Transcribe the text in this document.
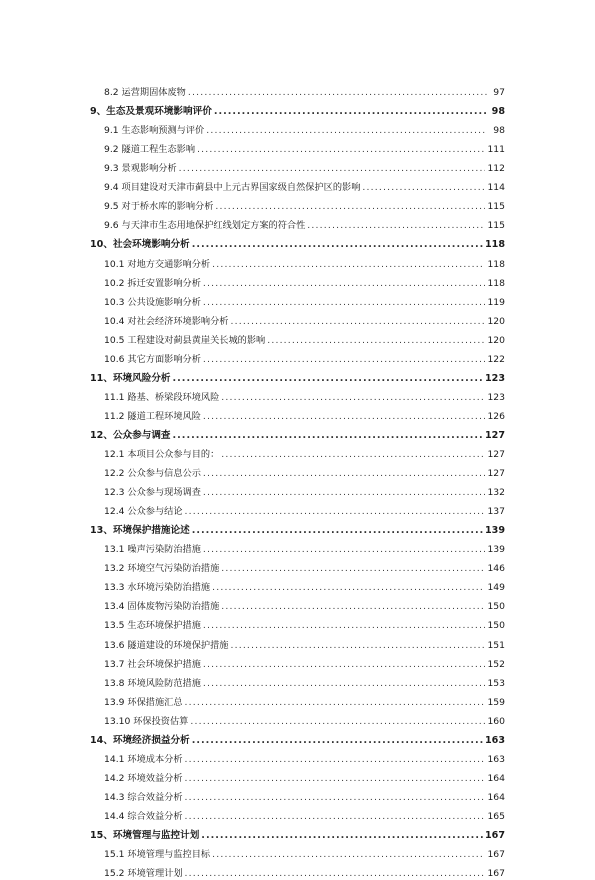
8.2 运营期固体废物 .....	97
9、生态及景观环境影响评价 .....	98
9.1 生态影响预测与评价 .....	98
9.2 隧道工程生态影响 .....	111
9.3 景观影响分析 .....	112
9.4 项目建设对天津市蓟县中上元古界国家级自然保护区的影响 .....	114
9.5 对于桥水库的影响分析 .....	115
9.6 与天津市生态用地保护红线划定方案的符合性 .....	115
10、社会环境影响分析 .....	118
10.1 对地方交通影响分析 .....	118
10.2 拆迁安置影响分析 .....	118
10.3 公共设施影响分析 .....	119
10.4 对社会经济环境影响分析 .....	120
10.5 工程建设对蓟县黄崖关长城的影响 .....	120
10.6 其它方面影响分析 .....	122
11、环境风险分析 .....	123
11.1 路基、桥梁段环境风险 .....	123
11.2 隧道工程环境风险 .....	126
12、公众参与调查 .....	127
12.1 本项目公众参与目的： .....	127
12.2 公众参与信息公示 .....	127
12.3 公众参与现场调查 .....	132
12.4 公众参与结论 .....	137
13、环境保护措施论述 .....	139
13.1 噪声污染防治措施 .....	139
13.2 环境空气污染防治措施 .....	146
13.3 水环境污染防治措施 .....	149
13.4 固体废物污染防治措施 .....	150
13.5 生态环境保护措施 .....	150
13.6 隧道建设的环境保护措施 .....	151
13.7 社会环境保护措施 .....	152
13.8 环境风险防范措施 .....	153
13.9 环保措施汇总 .....	159
13.10 环保投资估算 .....	160
14、环境经济损益分析 .....	163
14.1 环境成本分析 .....	163
14.2 环境效益分析 .....	164
14.3 综合效益分析 .....	164
14.4 综合效益分析 .....	165
15、环境管理与监控计划 .....	167
15.1 环境管理与监控目标 .....	167
15.2 环境管理计划 .....	167
